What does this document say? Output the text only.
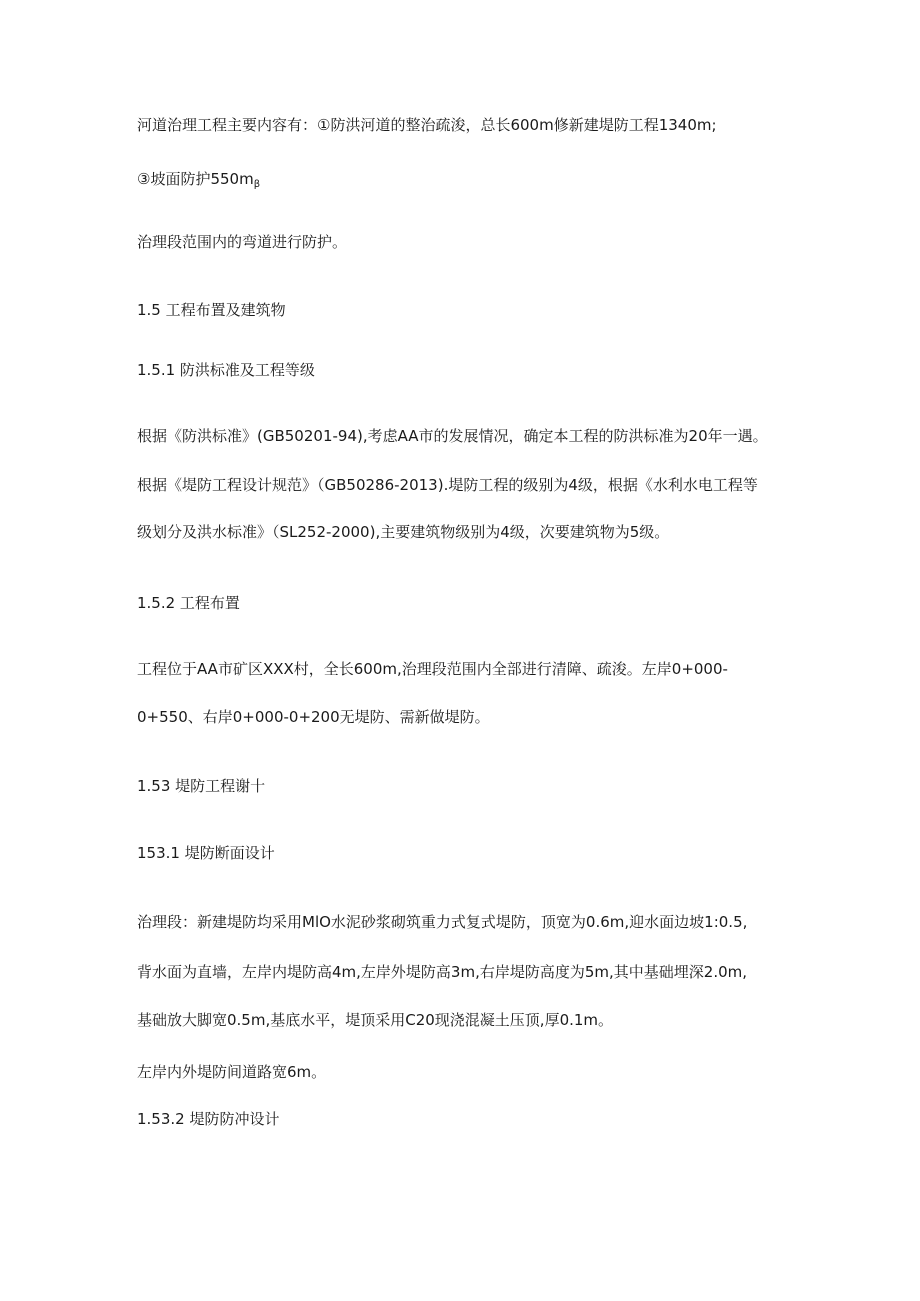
河道治理工程主要内容有：①防洪河道的整治疏浚，总长600m修新建堤防工程1340m;
③坡面防护$550m_\beta$
治理段范围内的弯道进行防护。
1.5 工程布置及建筑物
1.5.1 防洪标准及工程等级
根据《防洪标准》(GB50201-94),考虑AA市的发展情况，确定本工程的防洪标准为20年一遇。
根据《堤防工程设计规范》（GB50286-2013).堤防工程的级别为4级，根据《水利水电工程等
级划分及洪水标准》（SL252-2000),主要建筑物级别为4级，次要建筑物为5级。
1.5.2 工程布置
工程位于AA市矿区XXX村，全长600m,治理段范围内全部进行清障、疏浚。左岸0+000-
0+550、右岸0+000-0+200无堤防、需新做堤防。
1.53 堤防工程谢十
153.1 堤防断面设计
治理段：新建堤防均采用MlO水泥砂浆砌筑重力式复式堤防，顶宽为0.6m,迎水面边坡1:0.5,
背水面为直墙，左岸内堤防高4m,左岸外堤防高3m,右岸堤防高度为5m,其中基础埋深2.0m,
基础放大脚宽0.5m,基底水平，堤顶采用C20现浇混凝土压顶,厚0.1m。
左岸内外堤防间道路宽6m。
1.53.2 堤防防冲设计
